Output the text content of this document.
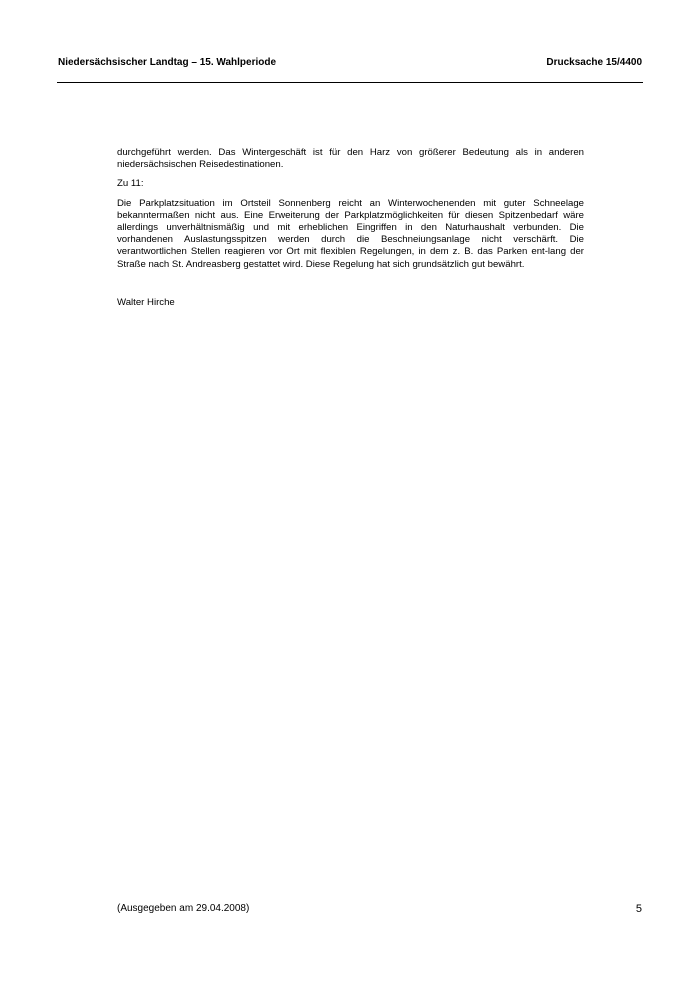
Niedersächsischer Landtag – 15. Wahlperiode	Drucksache 15/4400

durchgeführt werden. Das Wintergeschäft ist für den Harz von größerer Bedeutung als in anderen niedersächsischen Reisedestinationen.

Zu 11:

Die Parkplatzsituation im Ortsteil Sonnenberg reicht an Winterwochenenden mit guter Schneelage bekanntermaßen nicht aus. Eine Erweiterung der Parkplatzmöglichkeiten für diesen Spitzenbedarf wäre allerdings unverhältnismäßig und mit erheblichen Eingriffen in den Naturhaushalt verbunden. Die vorhandenen Auslastungsspitzen werden durch die Beschneiungsanlage nicht verschärft. Die verantwortlichen Stellen reagieren vor Ort mit flexiblen Regelungen, in dem z. B. das Parken ent-lang der Straße nach St. Andreasberg gestattet wird. Diese Regelung hat sich grundsätzlich gut bewährt.

Walter Hirche

(Ausgegeben am 29.04.2008)	5
